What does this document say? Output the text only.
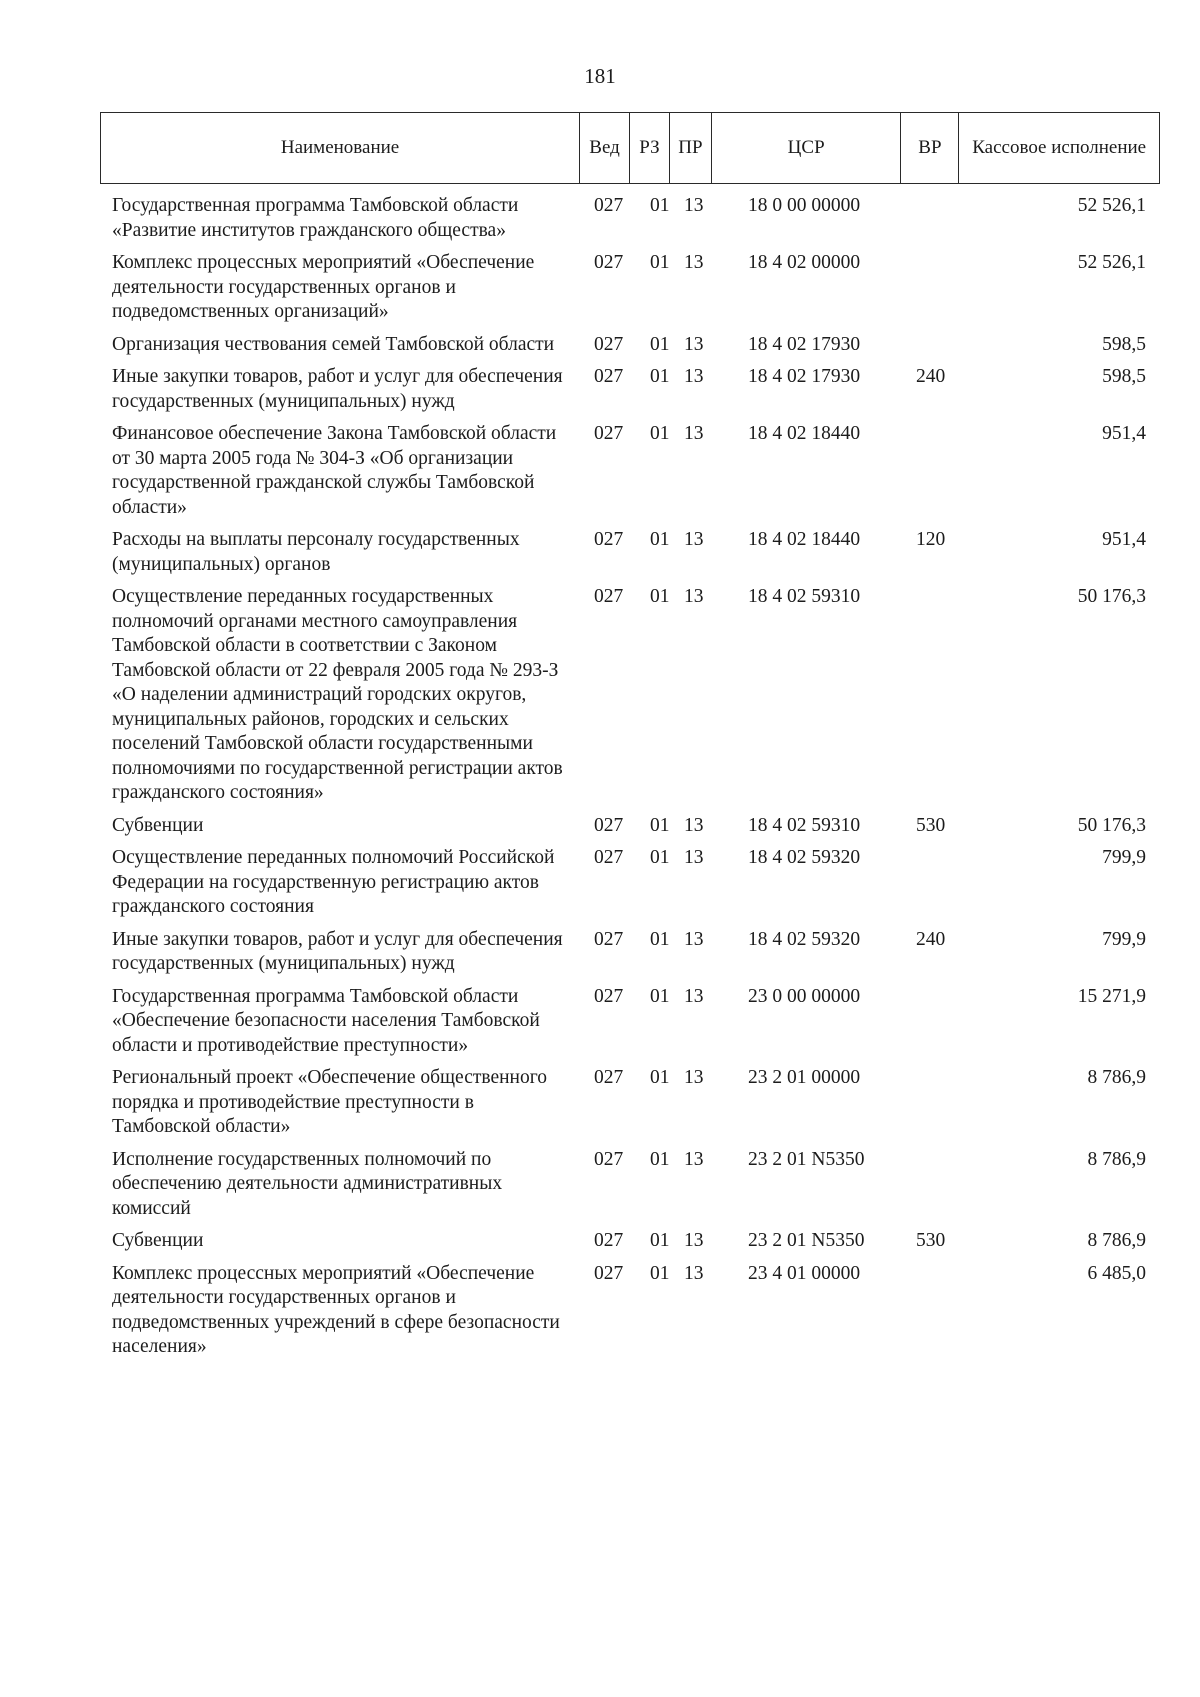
181
Наименование	Вед	РЗ ПР	ЦСР	ВР	Кассовое исполнение
Государственная программа Тамбовской области «Развитие институтов гражданского общества»
027	01 13	18 0 00 00000	52 526,1
Комплекс процессных мероприятий «Обеспечение деятельности государственных органов и подведомственных организаций»
027	01 13	18 4 02 00000	52 526,1
Организация чествования семей Тамбовской области	027	01 13	18 4 02 17930	598,5
Иные закупки товаров, работ и услуг для обеспечения государственных (муниципальных) нужд
027	01 13	18 4 02 17930	240	598,5
Финансовое обеспечение Закона Тамбовской области от 30 марта 2005 года № 304-З «Об организации государственной гражданской службы Тамбовской области»
027	01 13	18 4 02 18440	951,4
Расходы на выплаты персоналу государственных (муниципальных) органов
027	01 13	18 4 02 18440	120	951,4
Осуществление переданных государственных полномочий органами местного самоуправления Тамбовской области в соответствии с Законом Тамбовской области от 22 февраля 2005 года № 293-З «О наделении администраций городских округов, муниципальных районов, городских и сельских поселений Тамбовской области государственными полномочиями по государственной регистрации актов гражданского состояния»
027	01 13	18 4 02 59310	50 176,3
Субвенции	027	01 13	18 4 02 59310	530	50 176,3
Осуществление переданных полномочий Российской Федерации на государственную регистрацию актов гражданского состояния
027	01 13	18 4 02 59320	799,9
Иные закупки товаров, работ и услуг для обеспечения государственных (муниципальных) нужд
027	01 13	18 4 02 59320	240	799,9
Государственная программа Тамбовской области «Обеспечение безопасности населения Тамбовской области и противодействие преступности»
027	01 13	23 0 00 00000	15 271,9
Региональный проект «Обеспечение общественного порядка и противодействие преступности в Тамбовской области»
027	01 13	23 2 01 00000	8 786,9
Исполнение государственных полномочий по обеспечению деятельности административных комиссий
027	01 13	23 2 01 N5350	8 786,9
Субвенции	027	01 13	23 2 01 N5350	530	8 786,9
Комплекс процессных мероприятий «Обеспечение деятельности государственных органов и подведомственных учреждений в сфере безопасности населения»
027	01 13	23 4 01 00000	6 485,0
